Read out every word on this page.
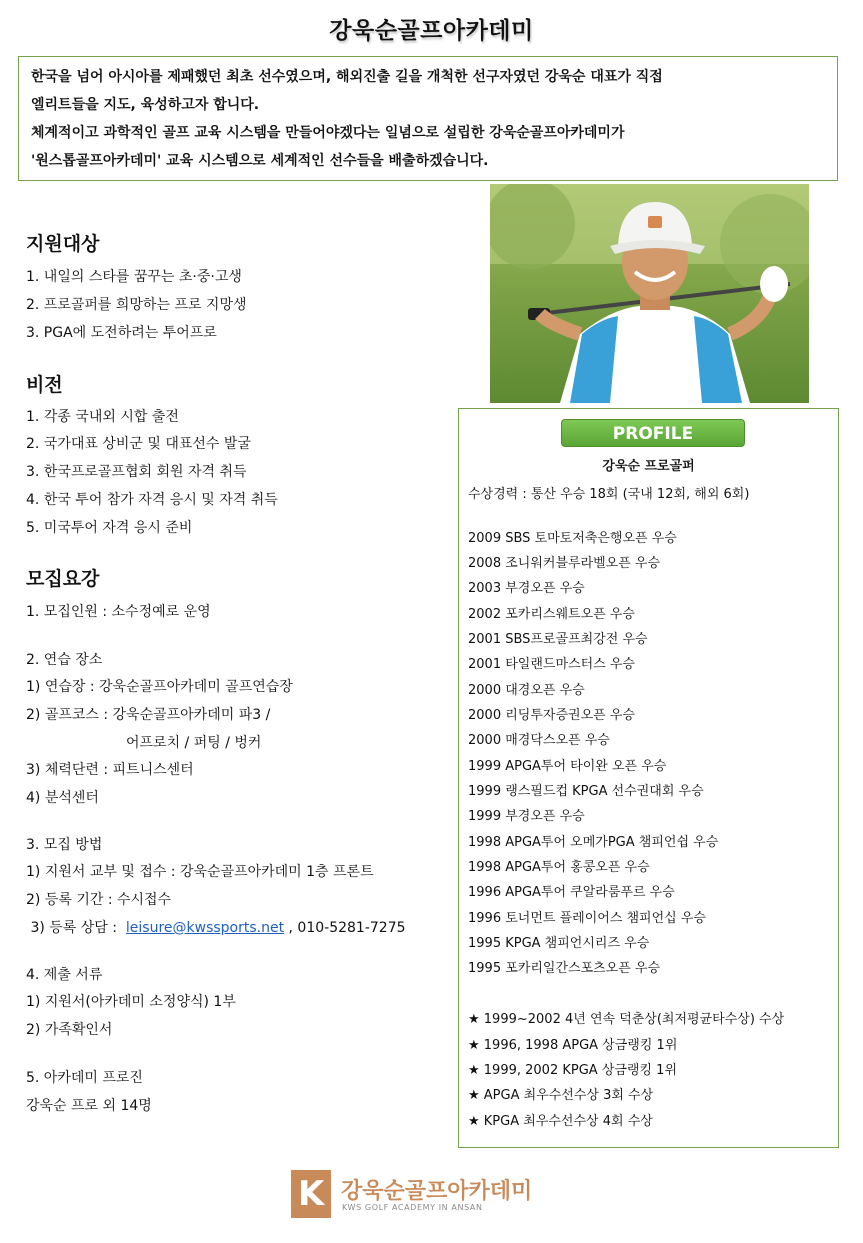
강욱순골프아카데미

한국을 넘어 아시아를 제패했던 최초 선수였으며, 해외진출 길을 개척한 선구자였던 강욱순 대표가 직접

엘리트들을 지도, 육성하고자 합니다.

체계적이고 과학적인 골프 교육 시스템을 만들어야겠다는 일념으로 설립한 강욱순골프아카데미가

'원스톱골프아카데미' 교육 시스템으로 세계적인 선수들을 배출하겠습니다.

지원대상
1. 내일의 스타를 꿈꾸는 초·중·고생
2. 프로골퍼를 희망하는 프로 지망생
3. PGA에 도전하려는 투어프로
비전
1. 각종 국내외 시합 출전
2. 국가대표 상비군 및 대표선수 발굴
3. 한국프로골프협회 회원 자격 취득
4. 한국 투어 참가 자격 응시 및 자격 취득
5. 미국투어 자격 응시 준비
모집요강
1. 모집인원 : 소수정예로 운영
2. 연습 장소
1) 연습장 : 강욱순골프아카데미 골프연습장
2) 골프코스 : 강욱순골프아카데미 파3 /
어프로치 / 퍼팅 / 벙커
3) 체력단련 : 피트니스센터
4) 분석센터
3. 모집 방법
1) 지원서 교부 및 접수 : 강욱순골프아카데미 1층 프론트
2) 등록 기간 : 수시접수
3) 등록 상담 :  leisure@kwssports.net , 010-5281-7275
4. 제출 서류
1) 지원서(아카데미 소정양식) 1부
2) 가족확인서
5. 아카데미 프로진
강욱순 프로 외 14명
PROFILE
강욱순 프로골퍼
수상경력 : 통산 우승 18회 (국내 12회, 해외 6회)
2009 SBS 토마토저축은행오픈 우승
2008 조니워커블루라벨오픈 우승
2003 부경오픈 우승
2002 포카리스웨트오픈 우승
2001 SBS프로골프최강전 우승
2001 타일랜드마스터스 우승
2000 대경오픈 우승
2000 리딩투자증권오픈 우승
2000 매경닥스오픈 우승
1999 APGA투어 타이완 오픈 우승
1999 랭스필드컵 KPGA 선수권대회 우승
1999 부경오픈 우승
1998 APGA투어 오메가PGA 챔피언쉽 우승
1998 APGA투어 홍콩오픈 우승
1996 APGA투어 쿠알라룸푸르 우승
1996 토너먼트 플레이어스 챔피언십 우승
1995 KPGA 챔피언시리즈 우승
1995 포카리일간스포츠오픈 우승
★ 1999~2002 4년 연속 덕춘상(최저평균타수상) 수상
★ 1996, 1998 APGA 상금랭킹 1위
★ 1999, 2002 KPGA 상금랭킹 1위
★ APGA 최우수선수상 3회 수상
★ KPGA 최우수선수상 4회 수상
K 강욱순골프아카데미
KWS GOLF ACADEMY IN ANSAN
